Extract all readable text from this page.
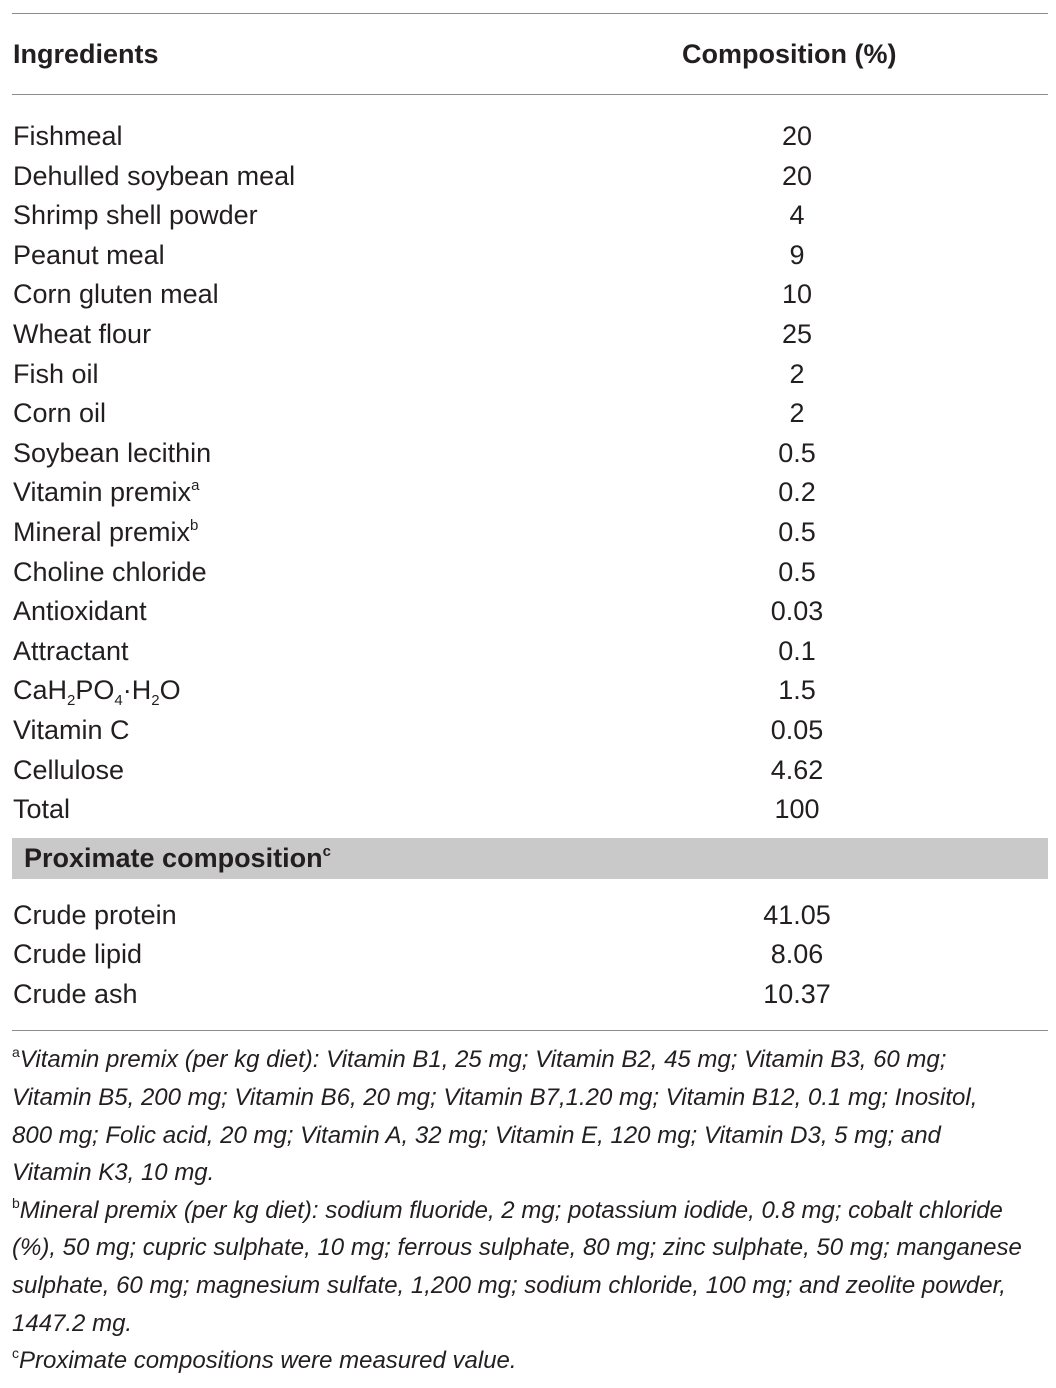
Ingredients	Composition (%)
Fishmeal	20
Dehulled soybean meal	20
Shrimp shell powder	4
Peanut meal	9
Corn gluten meal	10
Wheat flour	25
Fish oil	2
Corn oil	2
Soybean lecithin	0.5
Vitamin premix$^a$	0.2
Mineral premix$^b$	0.5
Choline chloride	0.5
Antioxidant	0.03
Attractant	0.1
$CaH_2PO_4\cdot H_2O$	1.5
Vitamin C	0.05
Cellulose	4.62
Total	100
Proximate composition$^c$
Crude protein	41.05
Crude lipid	8.06
Crude ash	10.37

$^a$Vitamin premix (per kg diet): Vitamin B1, 25 mg; Vitamin B2, 45 mg; Vitamin B3, 60 mg; Vitamin B5, 200 mg; Vitamin B6, 20 mg; Vitamin B7,1.20 mg; Vitamin B12, 0.1 mg; Inositol, 800 mg; Folic acid, 20 mg; Vitamin A, 32 mg; Vitamin E, 120 mg; Vitamin D3, 5 mg; and Vitamin K3, 10 mg.

$^b$Mineral premix (per kg diet): sodium fluoride, 2 mg; potassium iodide, 0.8 mg; cobalt chloride (%), 50 mg; cupric sulphate, 10 mg; ferrous sulphate, 80 mg; zinc sulphate, 50 mg; manganese sulphate, 60 mg; magnesium sulfate, 1,200 mg; sodium chloride, 100 mg; and zeolite powder, 1447.2 mg.

$^c$Proximate compositions were measured value.
